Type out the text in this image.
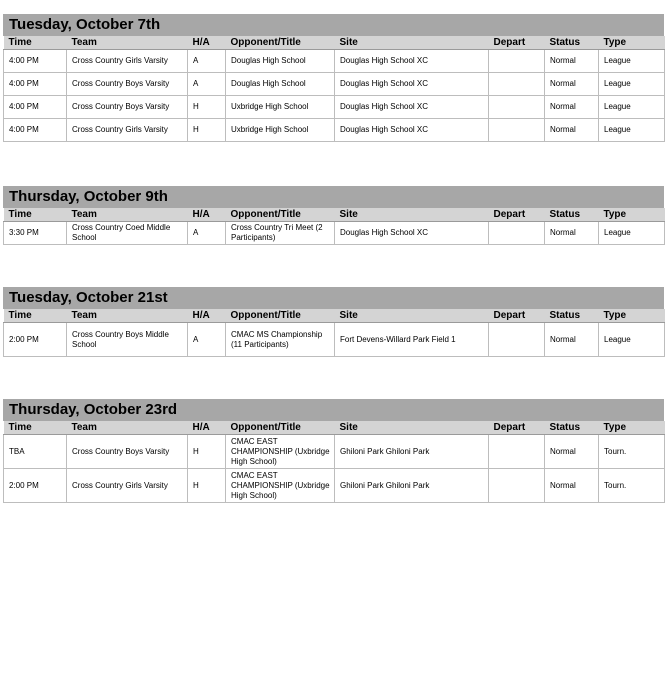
Tuesday, October 7th
Time	Team	H/A	Opponent/Title	Site	Depart	Status	Type
4:00 PM	Cross Country Girls Varsity	A	Douglas High School	Douglas High School XC		Normal	League
4:00 PM	Cross Country Boys Varsity	A	Douglas High School	Douglas High School XC		Normal	League
4:00 PM	Cross Country Boys Varsity	H	Uxbridge High School	Douglas High School XC		Normal	League
4:00 PM	Cross Country Girls Varsity	H	Uxbridge High School	Douglas High School XC		Normal	League
Thursday, October 9th
Time	Team	H/A	Opponent/Title	Site	Depart	Status	Type
3:30 PM	Cross Country Coed Middle School	A	Cross Country Tri Meet (2 Participants)	Douglas High School XC		Normal	League
Tuesday, October 21st
Time	Team	H/A	Opponent/Title	Site	Depart	Status	Type
2:00 PM	Cross Country Boys Middle School	A	CMAC MS Championship (11 Participants)	Fort Devens-Willard Park Field 1		Normal	League
Thursday, October 23rd
Time	Team	H/A	Opponent/Title	Site	Depart	Status	Type
TBA	Cross Country Boys Varsity	H	CMAC EAST CHAMPIONSHIP (Uxbridge High School)	Ghiloni Park Ghiloni Park		Normal	Tourn.
2:00 PM	Cross Country Girls Varsity	H	CMAC EAST CHAMPIONSHIP (Uxbridge High School)	Ghiloni Park Ghiloni Park		Normal	Tourn.
